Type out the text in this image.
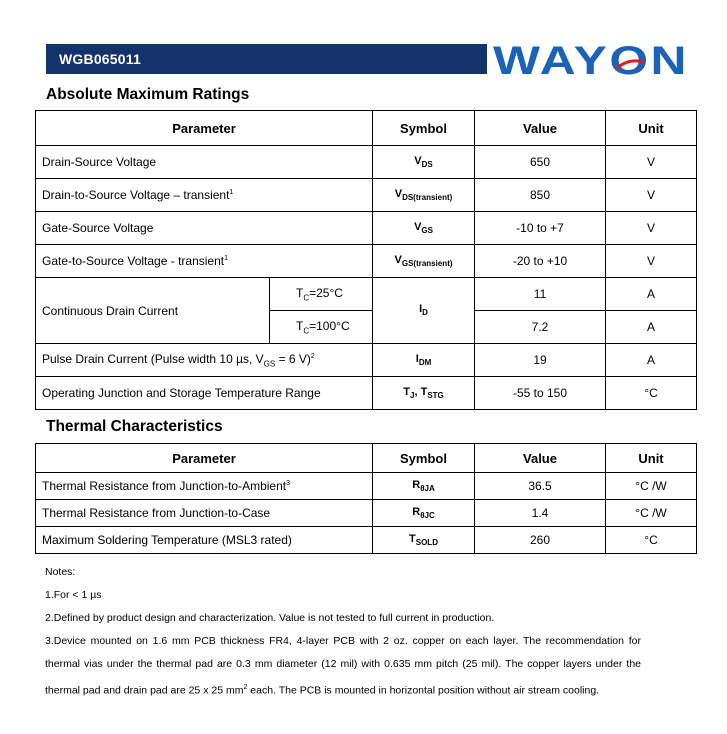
WGB065011	WAYON
Absolute Maximum Ratings
Parameter		Symbol	Value	Unit
Drain-Source Voltage		$V_{DS}$	650	V
Drain-to-Source Voltage – transient$^1$		$V_{DS(transient)}$	850	V
Gate-Source Voltage		$V_{GS}$	-10 to +7	V
Gate-to-Source Voltage - transient$^1$		$V_{GS(transient)}$	-20 to +10	V
Continuous Drain Current	$T_C=25^\circ C$	$I_D$	11	A
	$T_C=100^\circ C$		7.2	A
Pulse Drain Current (Pulse width 10 µs, $V_{GS} = 6$ V)$^2$		$I_{DM}$	19	A
Operating Junction and Storage Temperature Range		$T_J$, $T_{STG}$	-55 to 150	°C
Thermal Characteristics
Parameter	Symbol	Value	Unit
Thermal Resistance from Junction-to-Ambient$^3$	$R_{\theta JA}$	36.5	°C /W
Thermal Resistance from Junction-to-Case	$R_{\theta JC}$	1.4	°C /W
Maximum Soldering Temperature (MSL3 rated)	$T_{SOLD}$	260	°C

Notes:

1.For < 1 µs

2.Defined by product design and characterization. Value is not tested to full current in production.

3.Device mounted on 1.6 mm PCB thickness FR4, 4-layer PCB with 2 oz. copper on each layer. The recommendation for

thermal vias under the thermal pad are 0.3 mm diameter (12 mil) with 0.635 mm pitch (25 mil). The copper layers under the

thermal pad and drain pad are 25 x 25 $mm^2$ each. The PCB is mounted in horizontal position without air stream cooling.
